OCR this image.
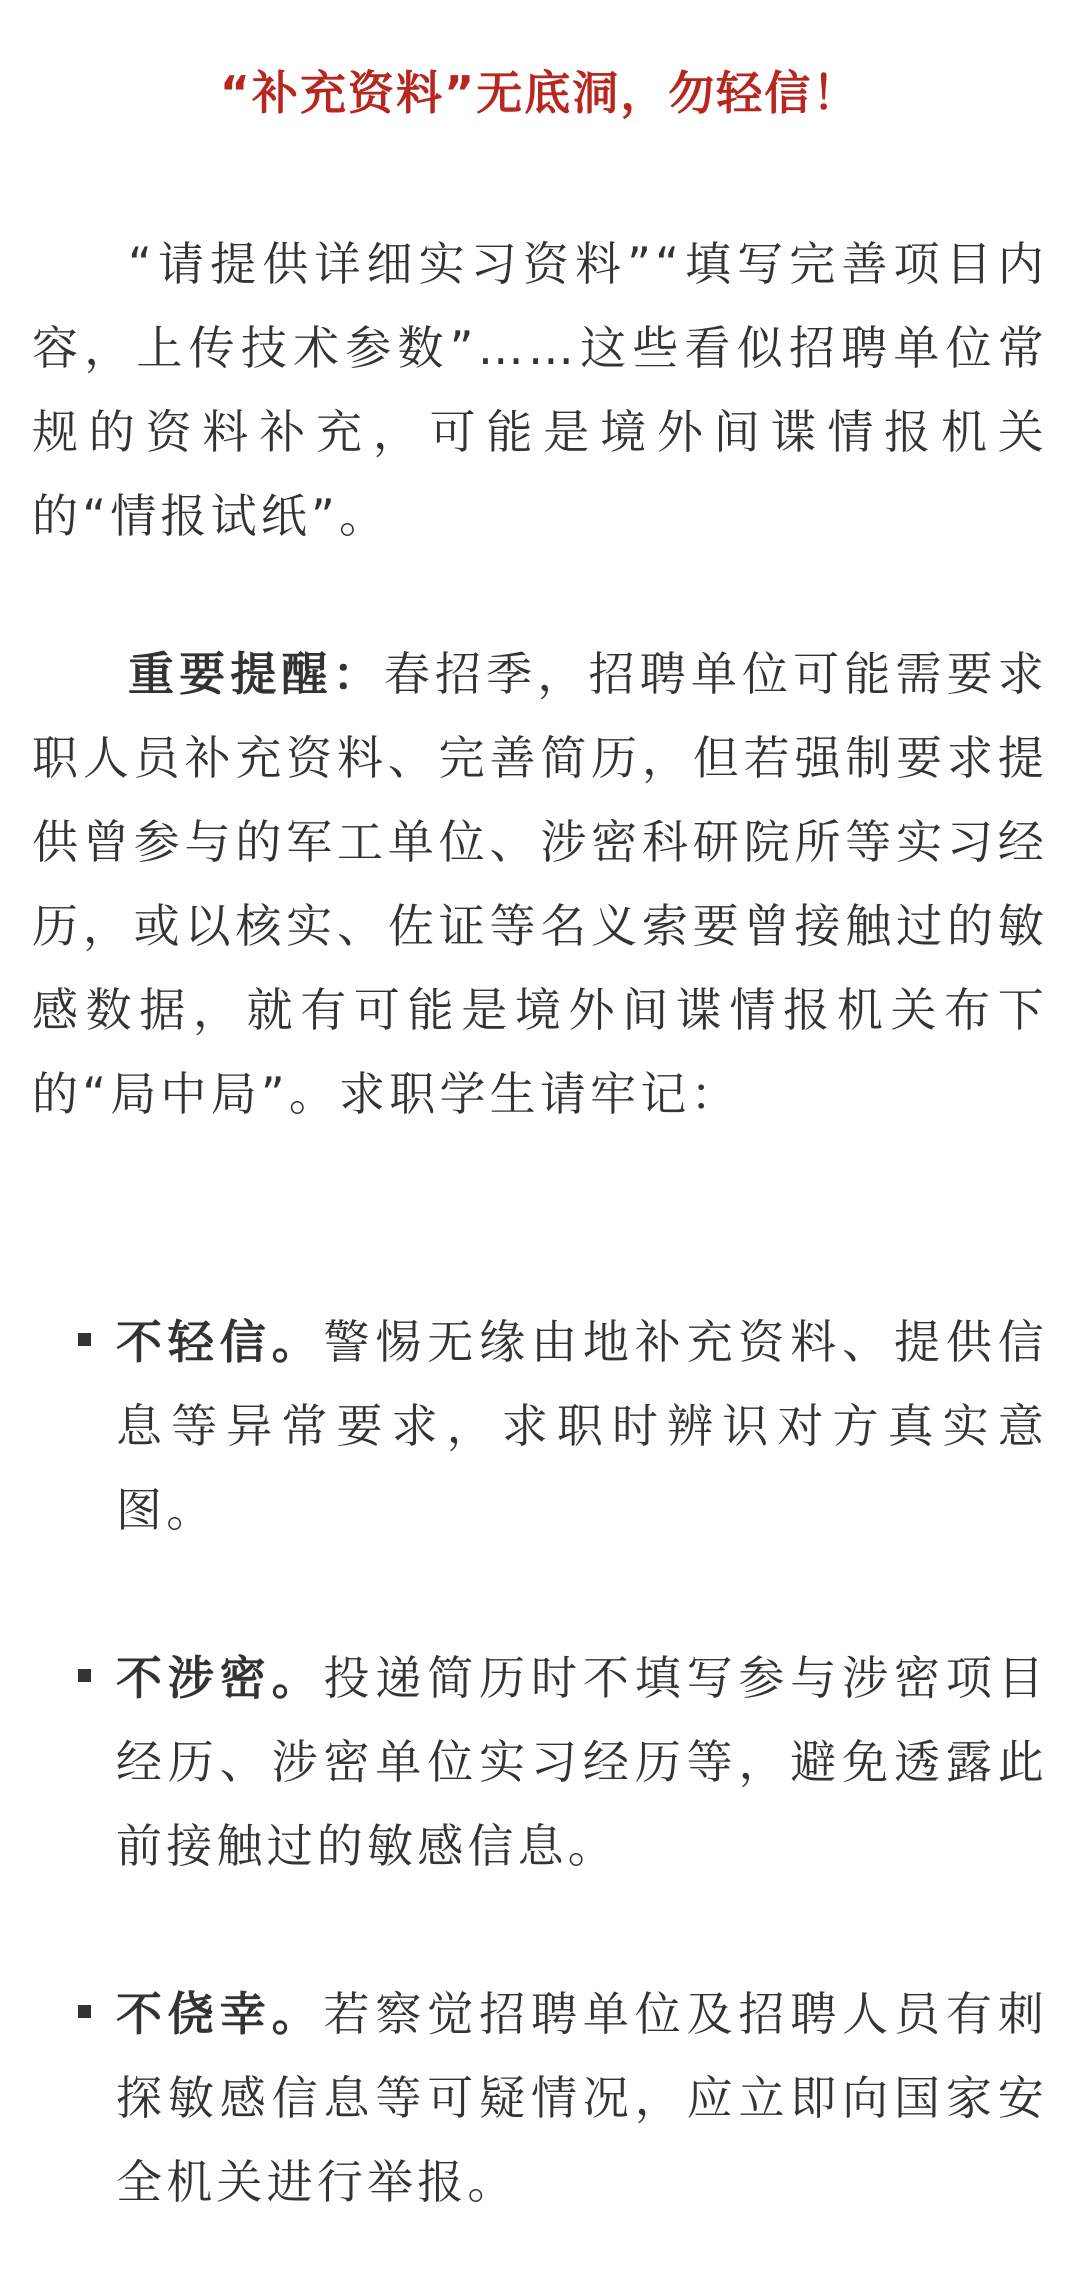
“补充资料”无底洞，勿轻信！

“请提供详细实习资料”“填写完善项目内容，上传技术参数”……这些看似招聘单位常规的资料补充，可能是境外间谍情报机关的“情报试纸”。

重要提醒：春招季，招聘单位可能需要求职人员补充资料、完善简历，但若强制要求提供曾参与的军工单位、涉密科研院所等实习经历，或以核实、佐证等名义索要曾接触过的敏感数据，就有可能是境外间谍情报机关布下的“局中局”。求职学生请牢记：

不轻信。警惕无缘由地补充资料、提供信息等异常要求，求职时辨识对方真实意图。

不涉密。投递简历时不填写参与涉密项目经历、涉密单位实习经历等，避免透露此前接触过的敏感信息。

不侥幸。若察觉招聘单位及招聘人员有刺探敏感信息等可疑情况，应立即向国家安全机关进行举报。
